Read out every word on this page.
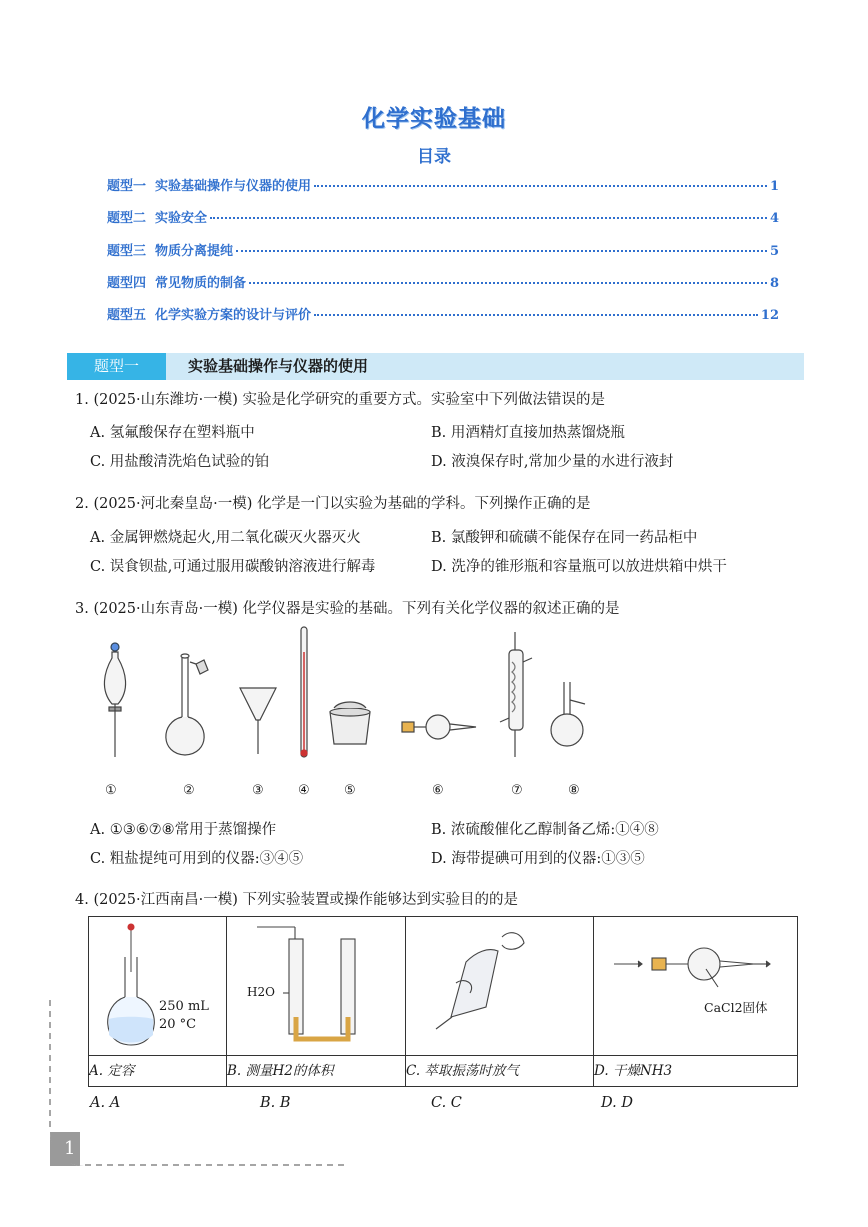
化学实验基础
目录
题型一  实验基础操作与仪器的使用	1
题型二  实验安全	4
题型三  物质分离提纯	5
题型四  常见物质的制备	8
题型五  化学实验方案的设计与评价	12
题型一	实验基础操作与仪器的使用
1. (2025·山东潍坊·一模) 实验是化学研究的重要方式。实验室中下列做法错误的是
A. 氢氟酸保存在塑料瓶中	B. 用酒精灯直接加热蒸馏烧瓶
C. 用盐酸清洗焰色试验的铂	D. 液溴保存时,常加少量的水进行液封
2. (2025·河北秦皇岛·一模) 化学是一门以实验为基础的学科。下列操作正确的是
A. 金属钾燃烧起火,用二氧化碳灭火器灭火	B. 氯酸钾和硫磺不能保存在同一药品柜中
C. 误食钡盐,可通过服用碳酸钠溶液进行解毒	D. 洗净的锥形瓶和容量瓶可以放进烘箱中烘干
3. (2025·山东青岛·一模) 化学仪器是实验的基础。下列有关化学仪器的叙述正确的是
①	②	③	④	⑤	⑥	⑦	⑧
A. ①③⑥⑦⑧常用于蒸馏操作	B. 浓硫酸催化乙醇制备乙烯:①④⑧
C. 粗盐提纯可用到的仪器:③④⑤	D. 海带提碘可用到的仪器:①③⑤
4. (2025·江西南昌·一模) 下列实验装置或操作能够达到实验目的的是
250 mL
20 °C	H2O		CaCl2固体

A. 定容	B. 测量H2的体积	C. 萃取振荡时放气	D. 干燥NH3
A. A	B. B	C. C	D. D
1
